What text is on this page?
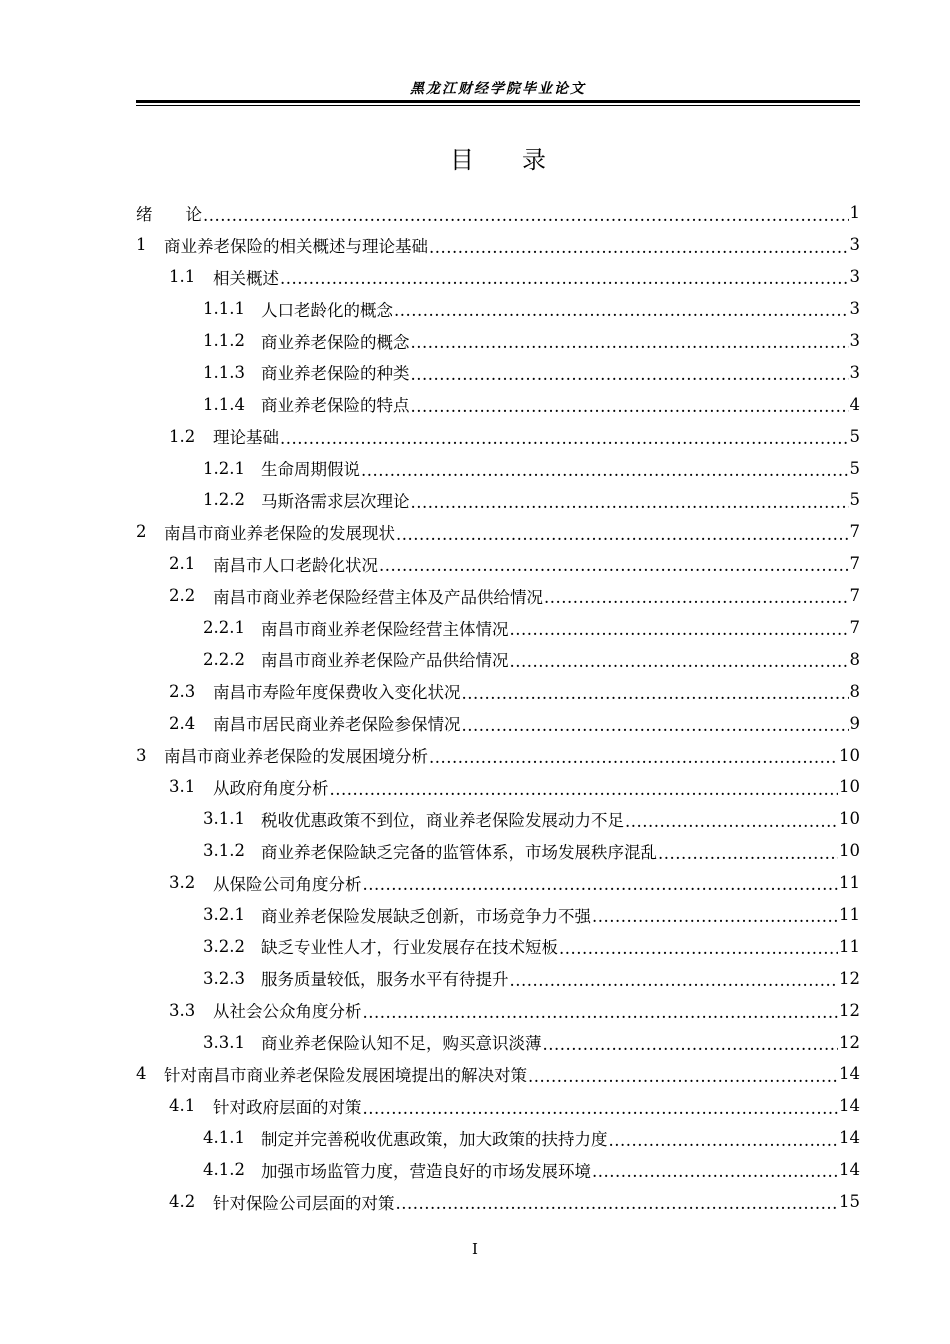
黑龙江财经学院毕业论文
目 录
绪　　论 .....	1
1	商业养老保险的相关概述与理论基础 .....	3
1.1	相关概述 .....	3
1.1.1 人口老龄化的概念 .....	3
1.1.2 商业养老保险的概念 .....	3
1.1.3 商业养老保险的种类 .....	3
1.1.4 商业养老保险的特点 .....	4
1.2	理论基础 .....	5
1.2.1 生命周期假说 .....	5
1.2.2 马斯洛需求层次理论 .....	5
2	南昌市商业养老保险的发展现状 .....	7
2.1	南昌市人口老龄化状况 .....	7
2.2	南昌市商业养老保险经营主体及产品供给情况 .....	7
2.2.1 南昌市商业养老保险经营主体情况 .....	7
2.2.2 南昌市商业养老保险产品供给情况 .....	8
2.3	南昌市寿险年度保费收入变化状况 .....	8
2.4	南昌市居民商业养老保险参保情况 .....	9
3	南昌市商业养老保险的发展困境分析 .....	10
3.1	从政府角度分析 .....	10
3.1.1 税收优惠政策不到位，商业养老保险发展动力不足 .....	10
3.1.2 商业养老保险缺乏完备的监管体系，市场发展秩序混乱 .....	10
3.2	从保险公司角度分析 .....	11
3.2.1 商业养老保险发展缺乏创新，市场竞争力不强 .....	11
3.2.2 缺乏专业性人才，行业发展存在技术短板 .....	11
3.2.3 服务质量较低，服务水平有待提升 .....	12
3.3	从社会公众角度分析 .....	12
3.3.1 商业养老保险认知不足，购买意识淡薄 .....	12
4	针对南昌市商业养老保险发展困境提出的解决对策 .....	14
4.1	针对政府层面的对策 .....	14
4.1.1 制定并完善税收优惠政策，加大政策的扶持力度 .....	14
4.1.2 加强市场监管力度，营造良好的市场发展环境 .....	14
4.2	针对保险公司层面的对策 .....	15
I
